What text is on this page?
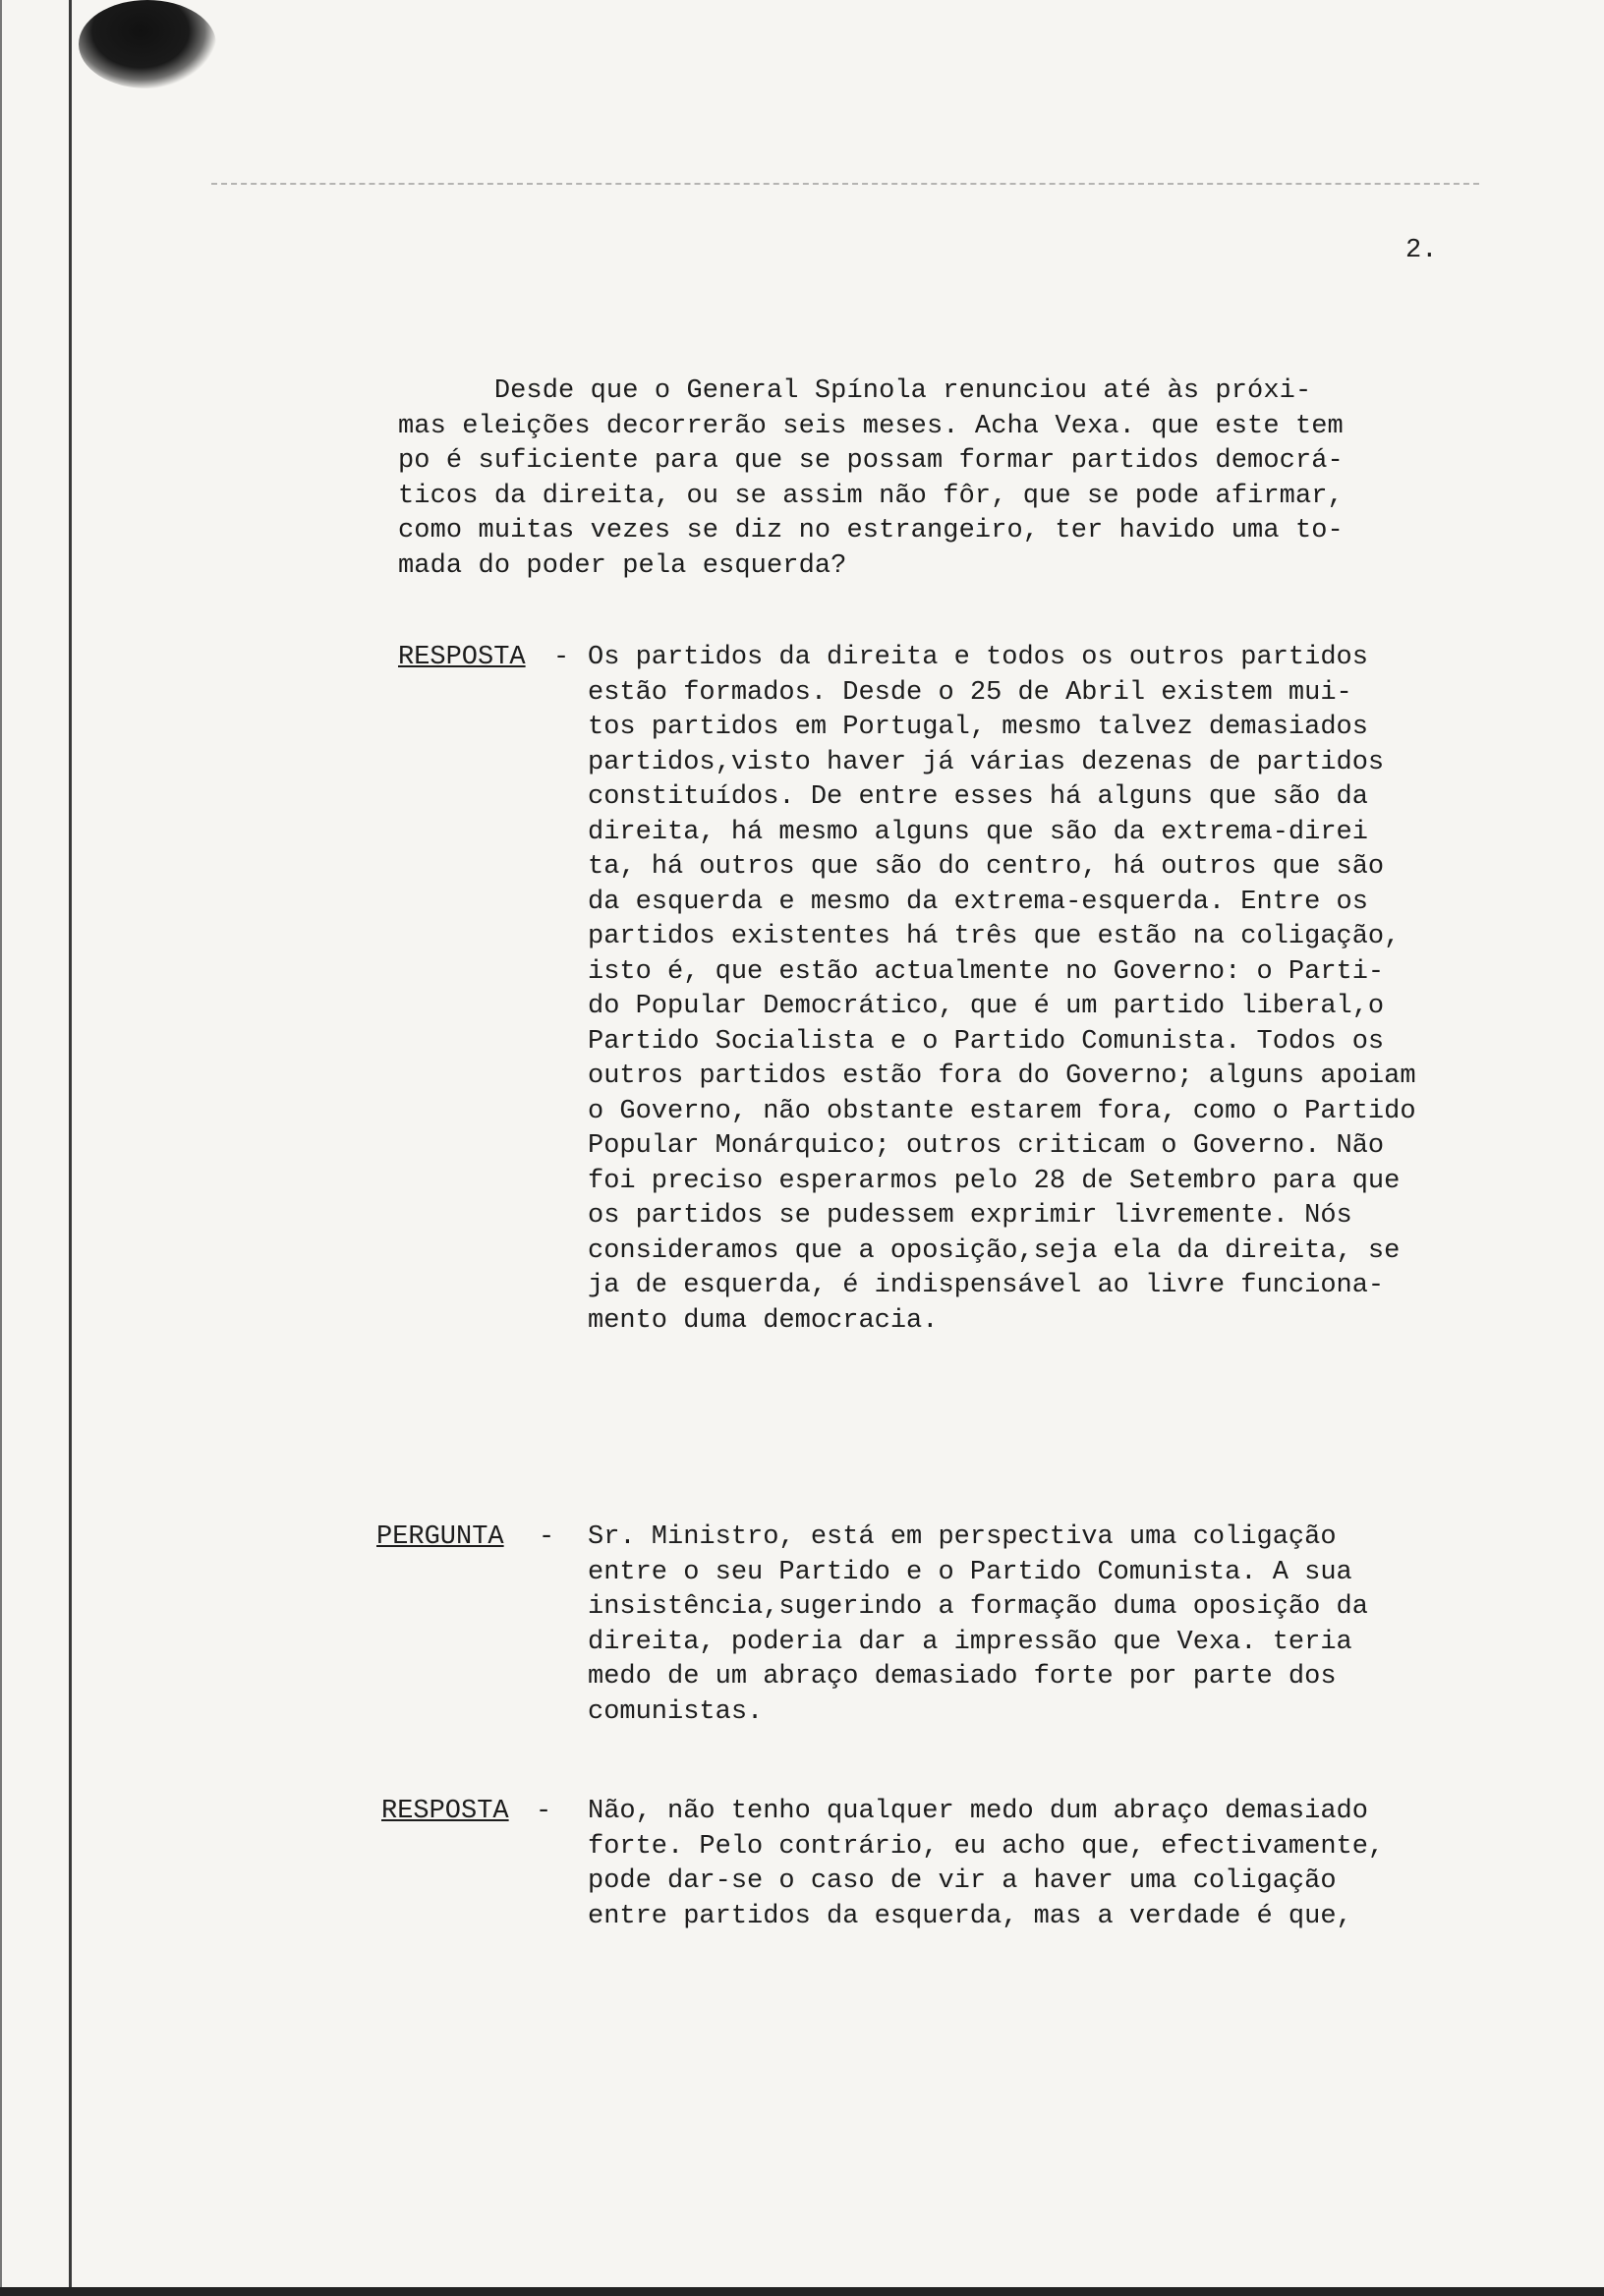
2.
Desde que o General Spínola renunciou até às próxi-
mas eleições decorrerão seis meses. Acha Vexa. que este tem
po é suficiente para que se possam formar partidos democrá-
ticos da direita, ou se assim não fôr, que se pode afirmar,
como muitas vezes se diz no estrangeiro, ter havido uma to-
mada do poder pela esquerda?
RESPOSTA - Os partidos da direita e todos os outros partidos
estão formados. Desde o 25 de Abril existem mui-
tos partidos em Portugal, mesmo talvez demasiados
partidos,visto haver já várias dezenas de partidos
constituídos. De entre esses há alguns que são da
direita, há mesmo alguns que são da extrema-direi
ta, há outros que são do centro, há outros que são
da esquerda e mesmo da extrema-esquerda. Entre os
partidos existentes há três que estão na coligação,
isto é, que estão actualmente no Governo: o Parti-
do Popular Democrático, que é um partido liberal,o
Partido Socialista e o Partido Comunista. Todos os
outros partidos estão fora do Governo; alguns apoiam
o Governo, não obstante estarem fora, como o Partido
Popular Monárquico; outros criticam o Governo. Não
foi preciso esperarmos pelo 28 de Setembro para que
os partidos se pudessem exprimir livremente. Nós
consideramos que a oposição,seja ela da direita, se
ja de esquerda, é indispensável ao livre funciona-
mento duma democracia.
PERGUNTA - Sr. Ministro, está em perspectiva uma coligação
entre o seu Partido e o Partido Comunista. A sua
insistência,sugerindo a formação duma oposição da
direita, poderia dar a impressão que Vexa. teria
medo de um abraço demasiado forte por parte dos
comunistas.
RESPOSTA - Não, não tenho qualquer medo dum abraço demasiado
forte. Pelo contrário, eu acho que, efectivamente,
pode dar-se o caso de vir a haver uma coligação
entre partidos da esquerda, mas a verdade é que,
